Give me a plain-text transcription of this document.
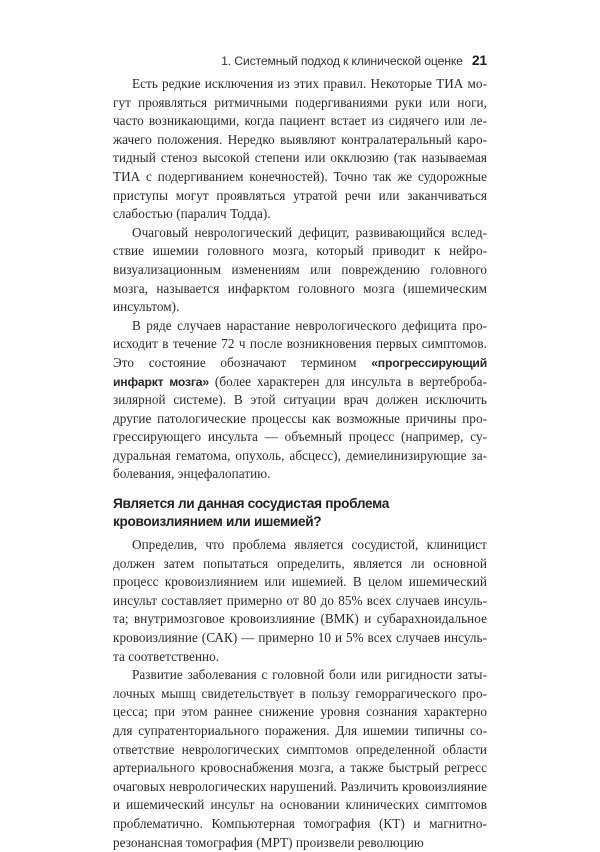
1. Системный подход к клинической оценке 21

Есть редкие исключения из этих правил. Некоторые ТИА могут проявляться ритмичными подергиваниями руки или ноги, часто возникающими, когда пациент встает из сидячего или лежачего положения. Нередко выявляют контралатеральный каротидный стеноз высокой степени или окклюзию (так называемая ТИА с подергиванием конечностей). Точно так же судорожные приступы могут проявляться утратой речи или заканчиваться слабостью (паралич Тодда).

Очаговый неврологический дефицит, развивающийся вследствие ишемии головного мозга, который приводит к нейровизуализационным изменениям или повреждению головного мозга, называется инфарктом головного мозга (ишемическим инсультом).

В ряде случаев нарастание неврологического дефицита происходит в течение 72 ч после возникновения первых симптомов. Это состояние обозначают термином «прогрессирующий инфаркт мозга» (более характерен для инсульта в вертебробазилярной системе). В этой ситуации врач должен исключить другие патологические процессы как возможные причины прогрессирующего инсульта — объемный процесс (например, судуральная гематома, опухоль, абсцесс), демиелинизирующие заболевания, энцефалопатию.

Является ли данная сосудистая проблема кровоизлиянием или ишемией?

Определив, что проблема является сосудистой, клиницист должен затем попытаться определить, является ли основной процесс кровоизлиянием или ишемией. В целом ишемический инсульт составляет примерно от 80 до 85% всех случаев инсульта; внутримозговое кровоизлияние (ВМК) и субарахноидальное кровоизлияние (САК) — примерно 10 и 5% всех случаев инсульта соответственно.

Развитие заболевания с головной боли или ригидности затылочных мышц свидетельствует в пользу геморрагического процесса; при этом раннее снижение уровня сознания характерно для супратенториального поражения. Для ишемии типичны соответствие неврологических симптомов определенной области артериального кровоснабжения мозга, а также быстрый регресс очаговых неврологических нарушений. Различить кровоизлияние и ишемический инсульт на основании клинических симптомов проблематично. Компьютерная томография (КТ) и магнитно-резонансная томография (МРТ) произвели революцию
